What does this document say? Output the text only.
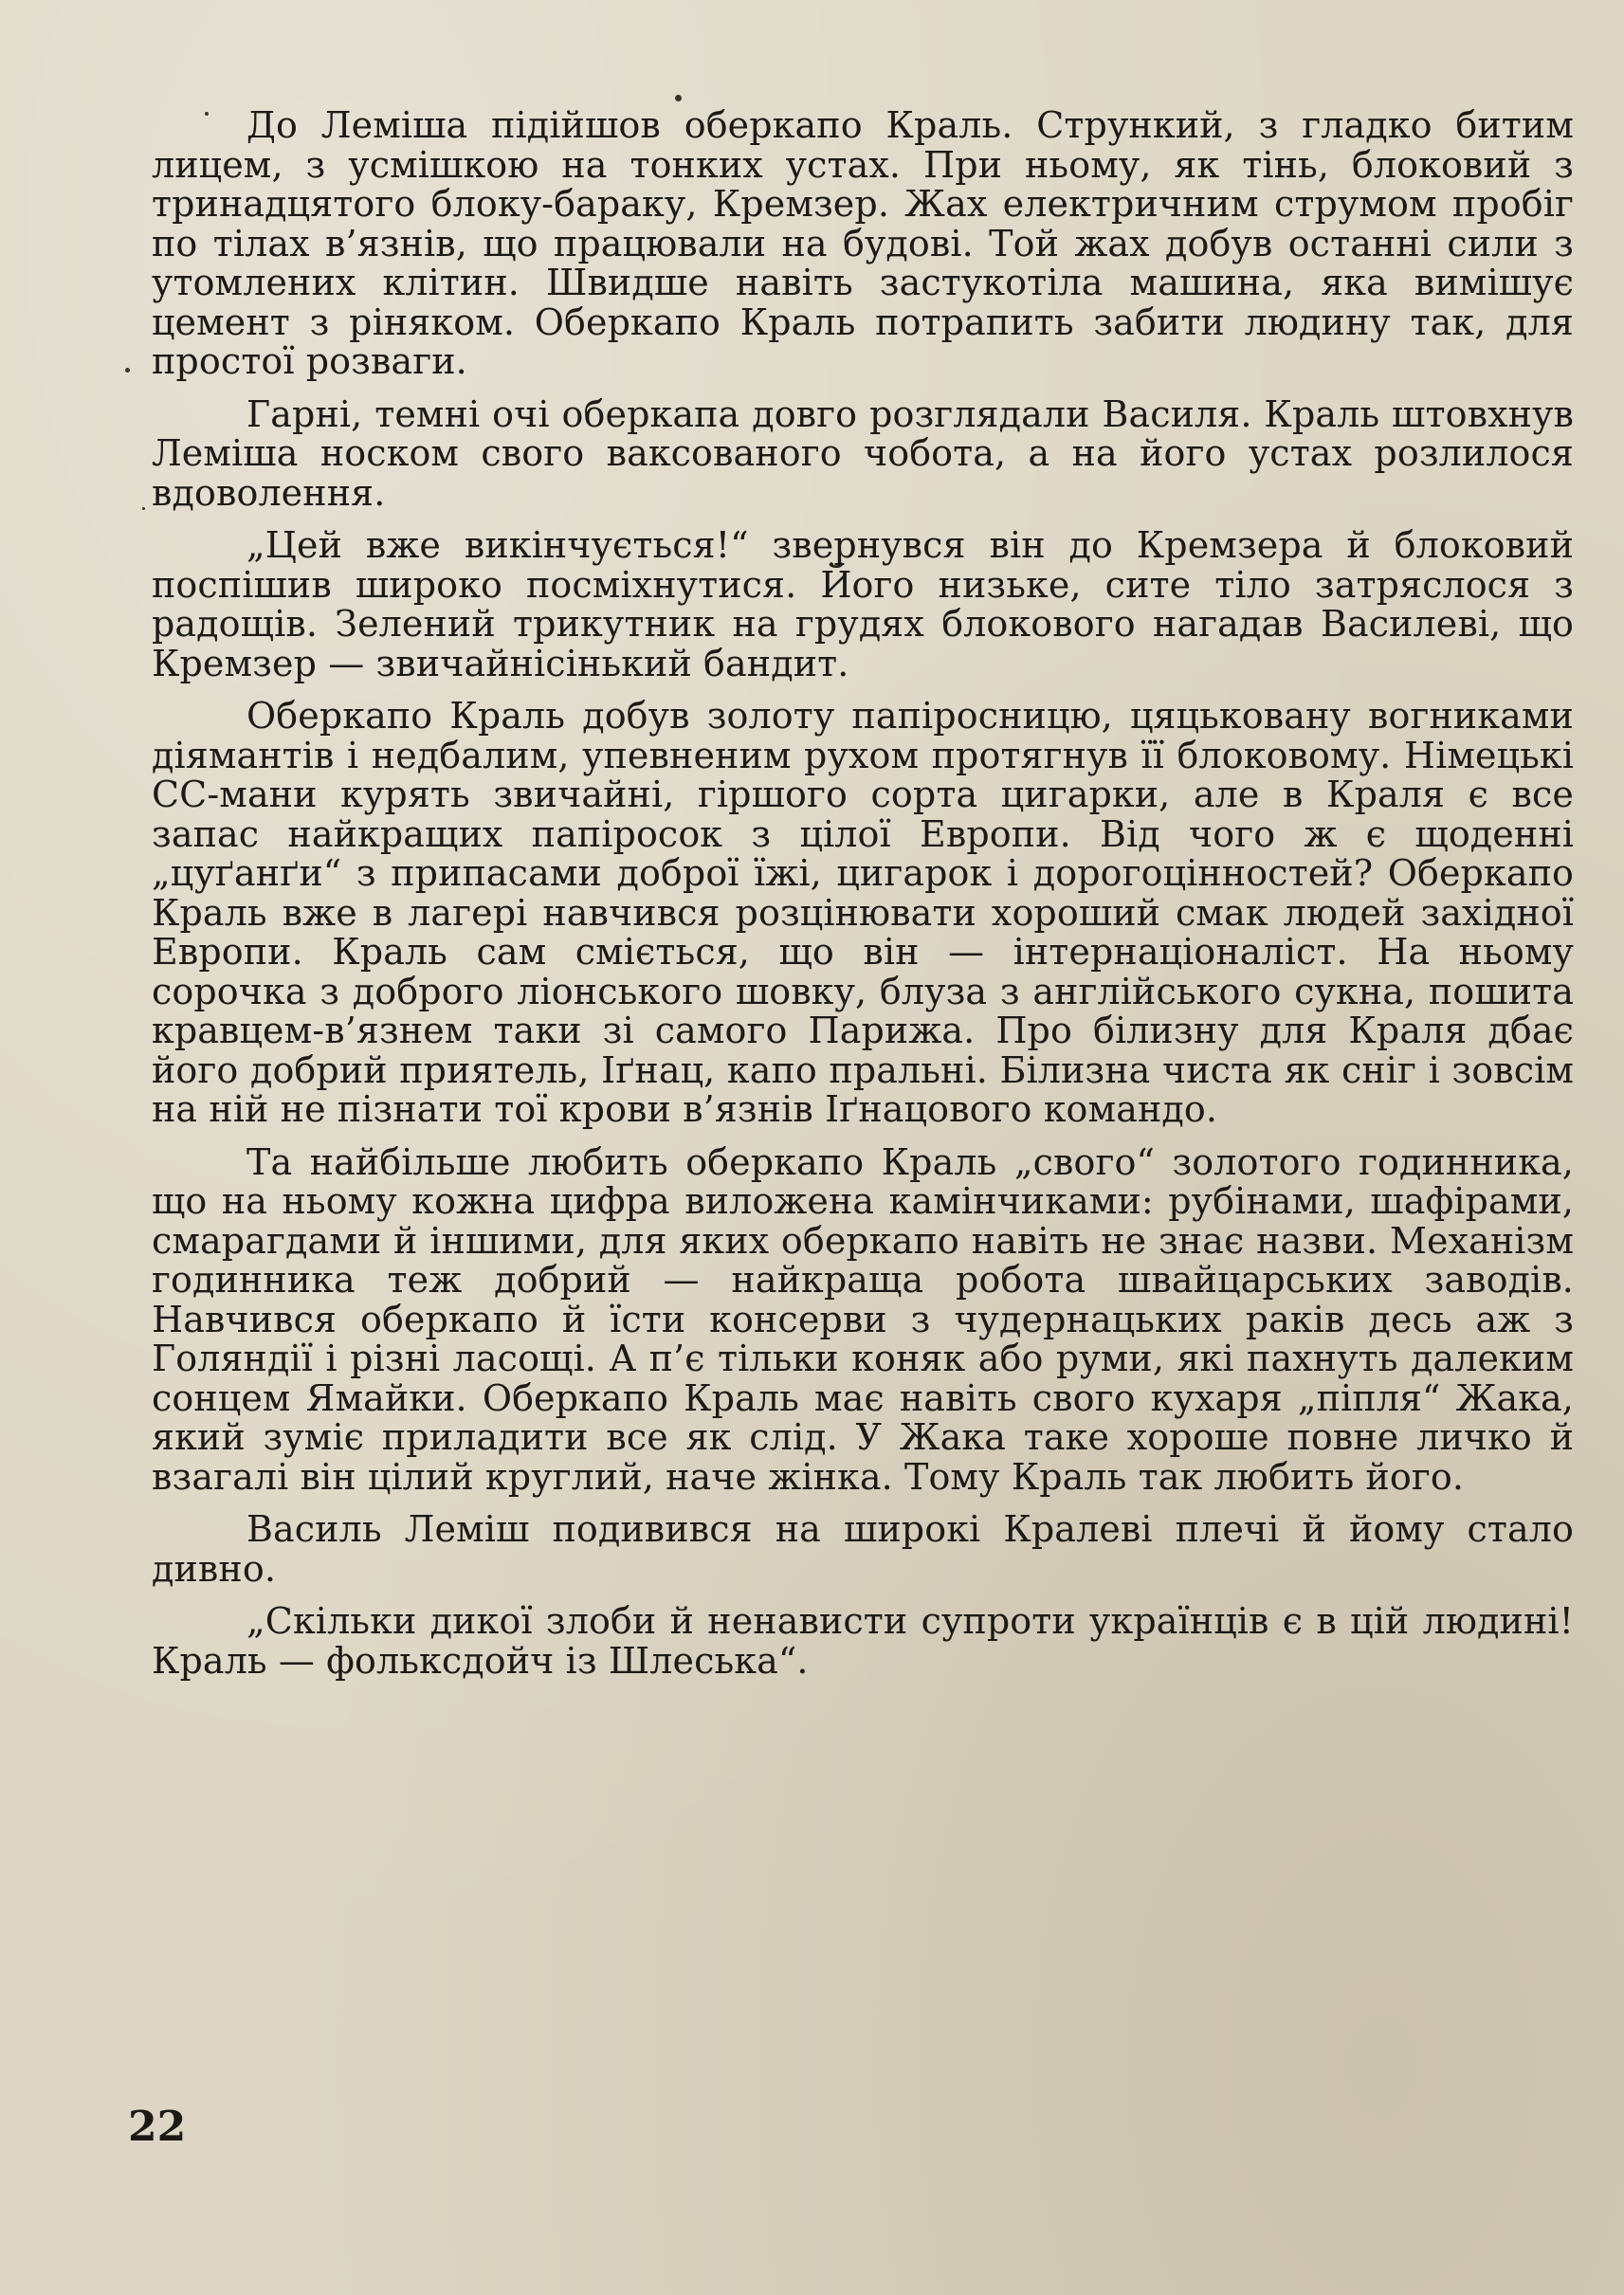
До Леміша підійшов оберкапо Краль. Стрункий, з гладко битим лицем, з усмішкою на тонких устах. При ньому, як тінь, блоковий з тринадцятого блоку-бараку, Кремзер. Жах електричним струмом пробіг по тілах в’язнів, що працювали на будові. Той жах добув останні сили з утомлених клітин. Швидше навіть застукотіла машина, яка вимішує цемент з ріняком. Оберкапо Краль потрапить забити людину так, для простої розваги.

Гарні, темні очі оберкапа довго розглядали Василя. Краль штовхнув Леміша носком свого ваксованого чобота, а на його устах розлилося вдоволення.

„Цей вже викінчується!“ звернувся він до Кремзера й блоковий поспішив широко посміхнутися. Його низьке, сите тіло затряслося з радощів. Зелений трикутник на грудях блокового нагадав Василеві, що Кремзер — звичайнісінький бандит.

Оберкапо Краль добув золоту папіросницю, цяцьковану вогниками діямантів і недбалим, упевненим рухом протягнув її блоковому. Німецькі СС-мани курять звичайні, гіршого сорта цигарки, але в Краля є все запас найкращих папіросок з цілої Европи. Від чого ж є щоденні „цуґанґи“ з припасами доброї їжі, цигарок і дорогоцінностей? Оберкапо Краль вже в лагері навчився розцінювати хороший смак людей західної Европи. Краль сам сміється, що він — інтернаціоналіст. На ньому сорочка з доброго ліонського шовку, блуза з англійського сукна, пошита кравцем-в’язнем таки зі самого Парижа. Про білизну для Краля дбає його добрий приятель, Іґнац, капо пральні. Білизна чиста як сніг і зовсім на ній не пізнати тої крови в’язнів Іґнацового командо.

Та найбільше любить оберкапо Краль „свого“ золотого годинника, що на ньому кожна цифра виложена камінчиками: рубінами, шафірами, смарагдами й іншими, для яких оберкапо навіть не знає назви. Механізм годинника теж добрий — найкраща робота швайцарських заводів. Навчився оберкапо й їсти консерви з чудернацьких раків десь аж з Голяндії і різні ласощі. А п’є тільки коняк або руми, які пахнуть далеким сонцем Ямайки. Оберкапо Краль має навіть свого кухаря „піпля“ Жака, який зуміє приладити все як слід. У Жака таке хороше повне личко й взагалі він цілий круглий, наче жінка. Тому Краль так любить його.

Василь Леміш подивився на широкі Кралеві плечі й йому стало дивно.

„Скільки дикої злоби й ненависти супроти українців є в цій людині! Краль — фолькcдойч із Шлеська“.

22
